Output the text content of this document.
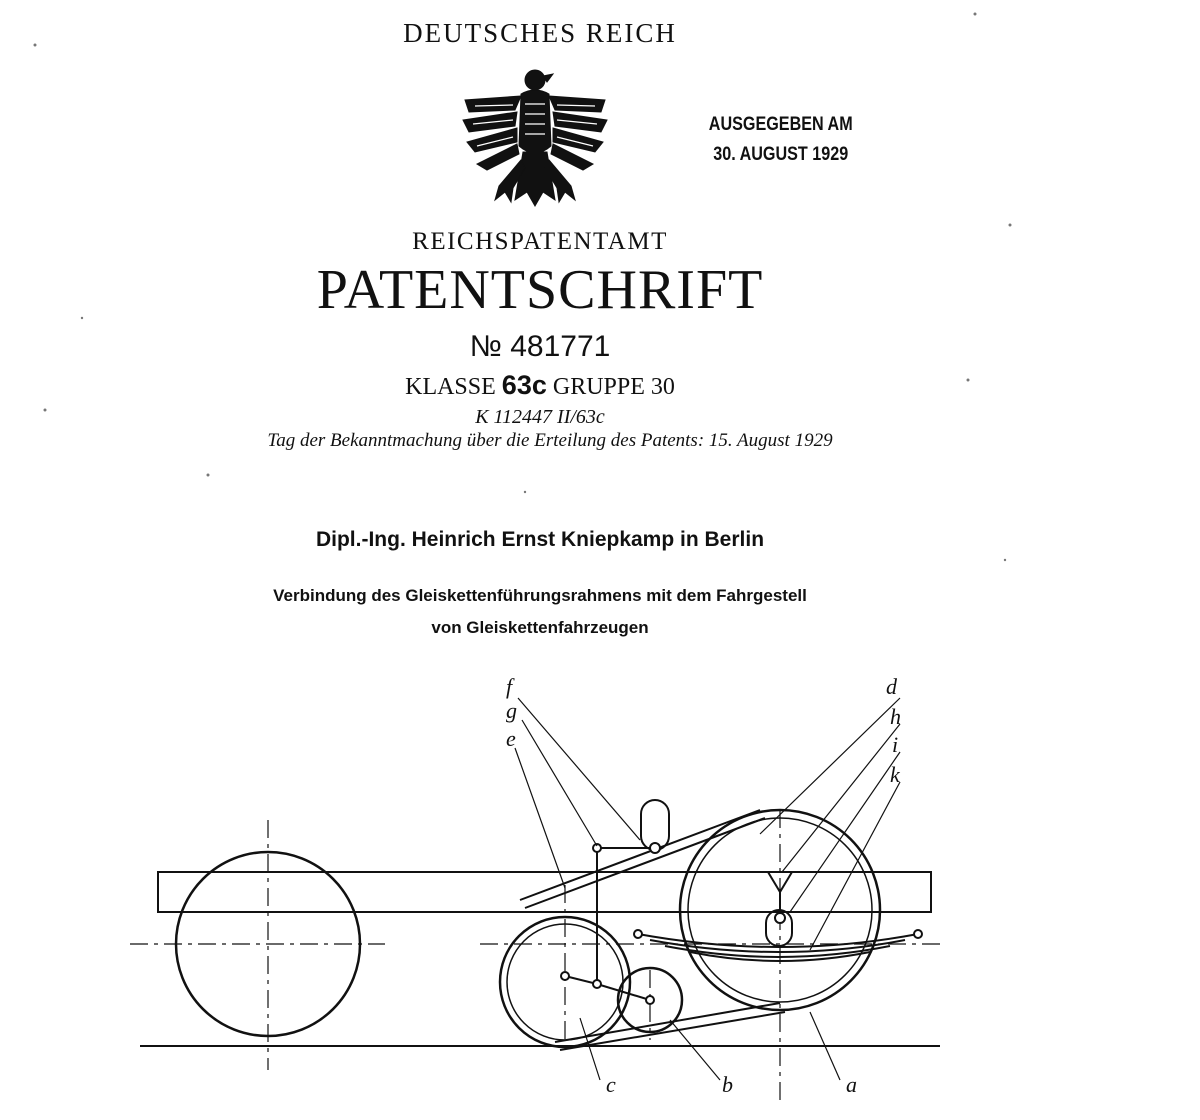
DEUTSCHES REICH
AUSGEGEBEN AM
30. AUGUST 1929
REICHSPATENTAMT
PATENTSCHRIFT
№ 481771
KLASSE 63c GRUPPE 30
K 112447 II/63c
Tag der Bekanntmachung über die Erteilung des Patents: 15. August 1929
Dipl.-Ing. Heinrich Ernst Kniepkamp in Berlin
Verbindung des Gleiskettenführungsrahmens mit dem Fahrgestell
von Gleiskettenfahrzeugen
f
g
e
d
h
i
k
c	b	a
